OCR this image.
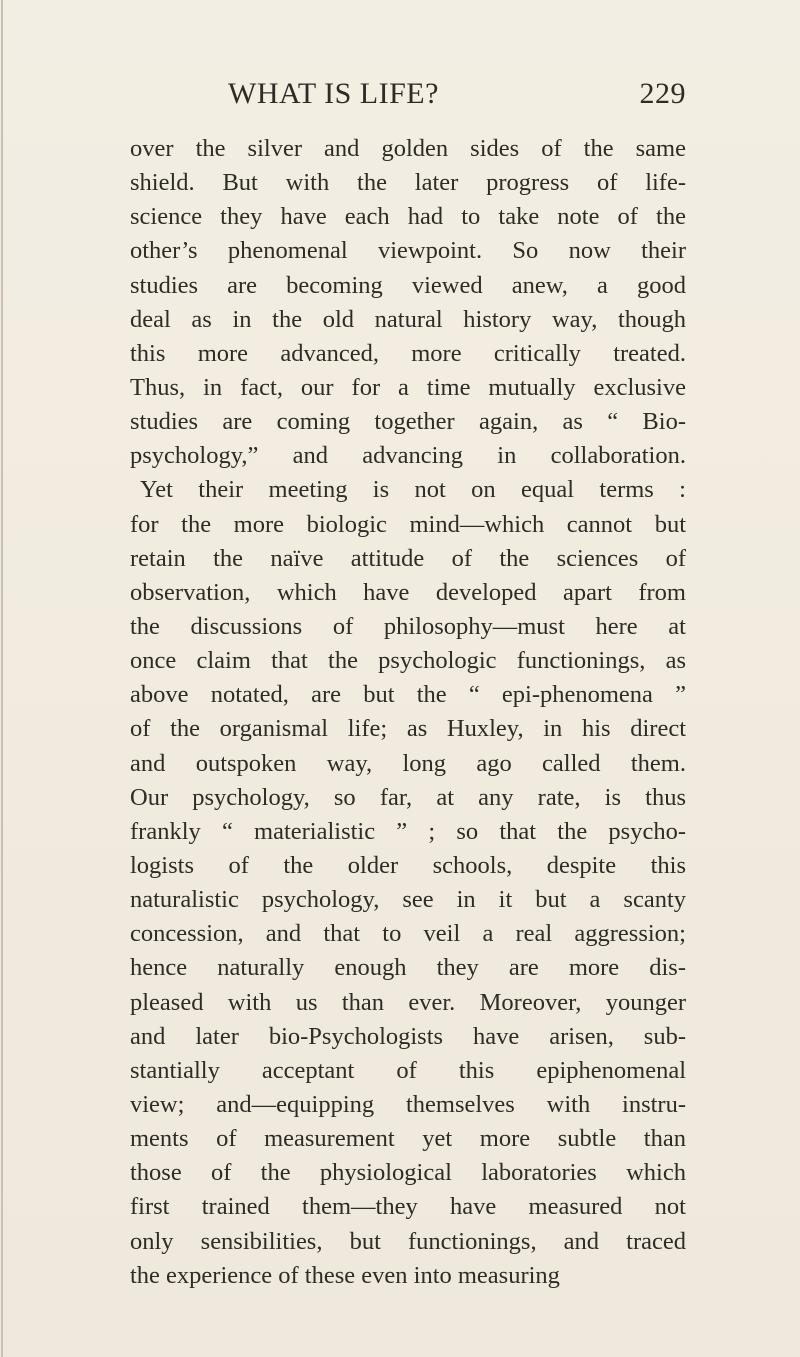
WHAT IS LIFE?	229
over the silver and golden sides of the same
shield. But with the later progress of life-
science they have each had to take note of the
other’s phenomenal viewpoint. So now their
studies are becoming viewed anew, a good
deal as in the old natural history way, though
this more advanced, more critically treated.
Thus, in fact, our for a time mutually exclusive
studies are coming together again, as “ Bio-
psychology,” and advancing in collaboration.
Yet their meeting is not on equal terms :
for the more biologic mind—which cannot but
retain the naïve attitude of the sciences of
observation, which have developed apart from
the discussions of philosophy—must here at
once claim that the psychologic functionings, as
above notated, are but the “ epi-phenomena ”
of the organismal life; as Huxley, in his direct
and outspoken way, long ago called them.
Our psychology, so far, at any rate, is thus
frankly “ materialistic ” ; so that the psycho-
logists of the older schools, despite this
naturalistic psychology, see in it but a scanty
concession, and that to veil a real aggression;
hence naturally enough they are more dis-
pleased with us than ever. Moreover, younger
and later bio-Psychologists have arisen, sub-
stantially acceptant of this epiphenomenal
view; and—equipping themselves with instru-
ments of measurement yet more subtle than
those of the physiological laboratories which
first trained them—they have measured not
only sensibilities, but functionings, and traced
the experience of these even into measuring
